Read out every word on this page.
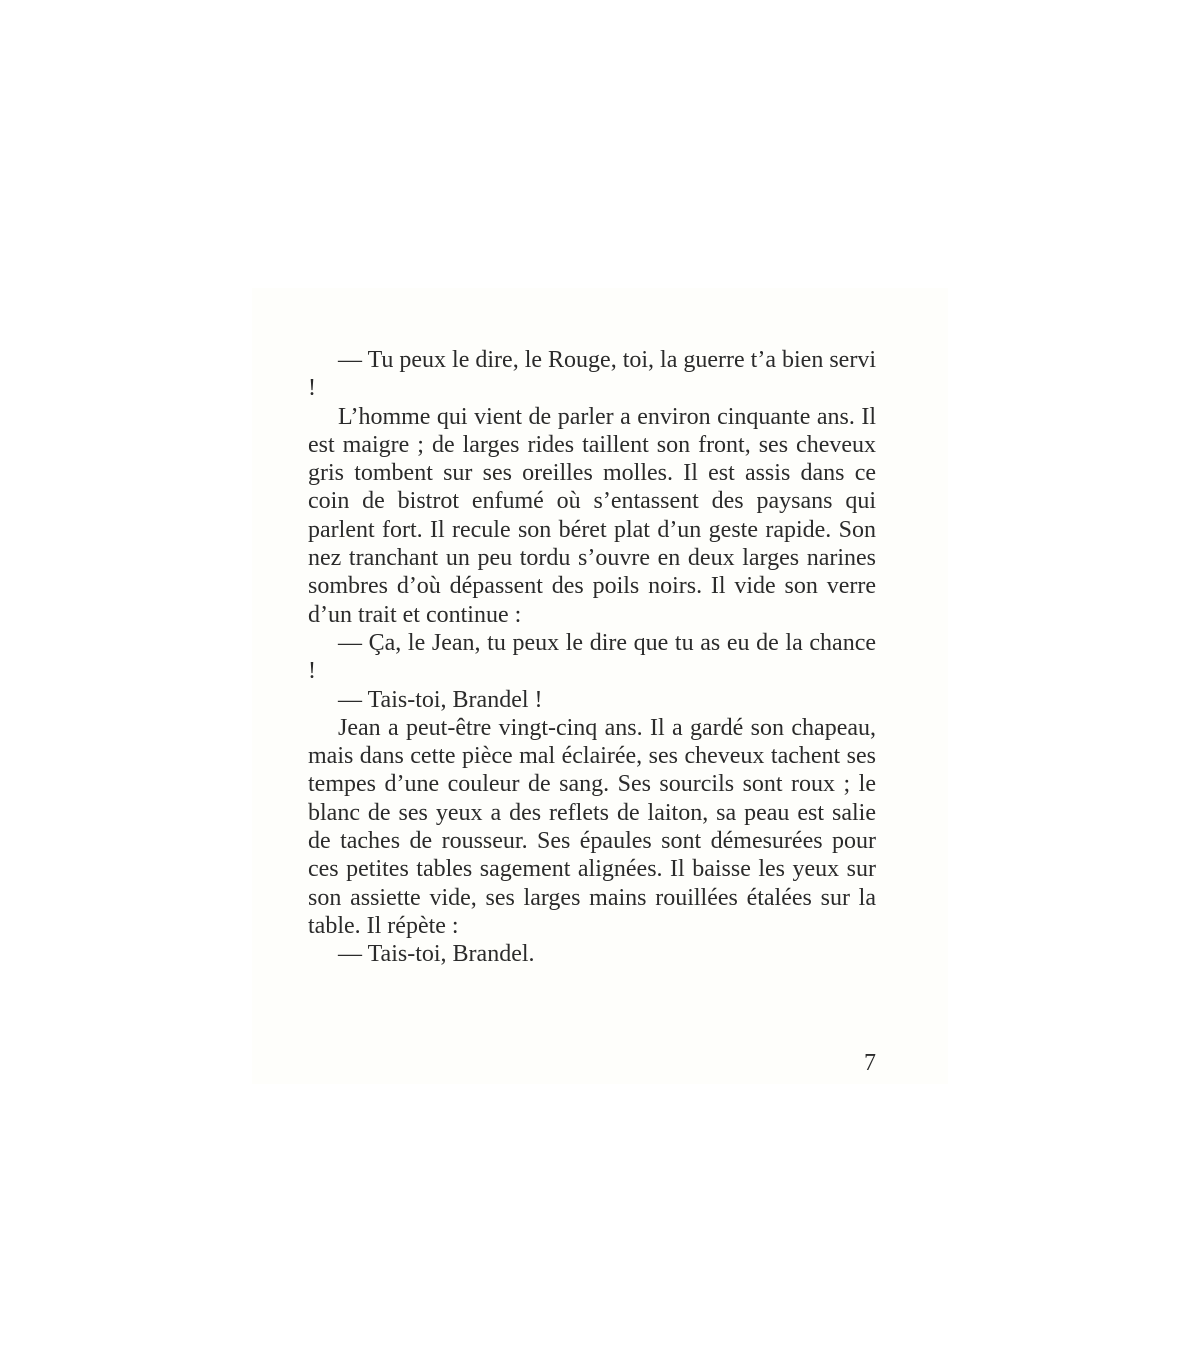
— Tu peux le dire, le Rouge, toi, la guerre t’a bien servi !

L’homme qui vient de parler a environ cinquante ans. Il est maigre ; de larges rides taillent son front, ses cheveux gris tombent sur ses oreilles molles. Il est assis dans ce coin de bistrot enfumé où s’entassent des paysans qui parlent fort. Il recule son béret plat d’un geste rapide. Son nez tranchant un peu tordu s’ouvre en deux larges narines sombres d’où dépassent des poils noirs. Il vide son verre d’un trait et continue :

— Ça, le Jean, tu peux le dire que tu as eu de la chance !

— Tais-toi, Brandel !

Jean a peut-être vingt-cinq ans. Il a gardé son chapeau, mais dans cette pièce mal éclairée, ses cheveux tachent ses tempes d’une couleur de sang. Ses sourcils sont roux ; le blanc de ses yeux a des reflets de laiton, sa peau est salie de taches de rousseur. Ses épaules sont démesurées pour ces petites tables sagement alignées. Il baisse les yeux sur son assiette vide, ses larges mains rouillées étalées sur la table. Il répète :

— Tais-toi, Brandel.

7
